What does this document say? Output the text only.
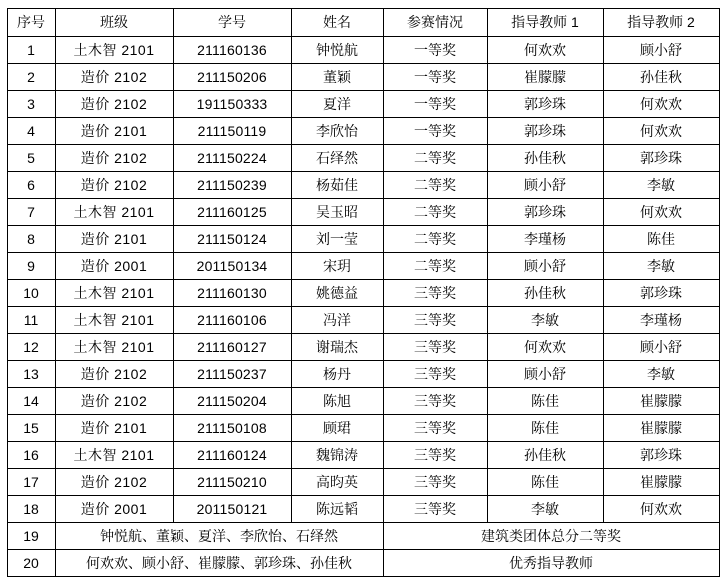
序号	班级	学号	姓名	参赛情况	指导教师 1	指导教师 2
1	土木智 2101	211160136	钟悦航	一等奖	何欢欢	顾小舒
2	造价 2102	211150206	董颖	一等奖	崔朦朦	孙佳秋
3	造价 2102	191150333	夏洋	一等奖	郭珍珠	何欢欢
4	造价 2101	211150119	李欣怡	一等奖	郭珍珠	何欢欢
5	造价 2102	211150224	石绎然	二等奖	孙佳秋	郭珍珠
6	造价 2102	211150239	杨茹佳	二等奖	顾小舒	李敏
7	土木智 2101	211160125	吴玉昭	二等奖	郭珍珠	何欢欢
8	造价 2101	211150124	刘一莹	二等奖	李瑾杨	陈佳
9	造价 2001	201150134	宋玥	二等奖	顾小舒	李敏
10	土木智 2101	211160130	姚德益	三等奖	孙佳秋	郭珍珠
11	土木智 2101	211160106	冯洋	三等奖	李敏	李瑾杨
12	土木智 2101	211160127	谢瑞杰	三等奖	何欢欢	顾小舒
13	造价 2102	211150237	杨丹	三等奖	顾小舒	李敏
14	造价 2102	211150204	陈旭	三等奖	陈佳	崔朦朦
15	造价 2101	211150108	顾珺	三等奖	陈佳	崔朦朦
16	土木智 2101	211160124	魏锦涛	三等奖	孙佳秋	郭珍珠
17	造价 2102	211150210	高昀英	三等奖	陈佳	崔朦朦
18	造价 2001	201150121	陈远韬	三等奖	李敏	何欢欢
19	钟悦航、董颖、夏洋、李欣怡、石绎然			建筑类团体总分二等奖		
20	何欢欢、顾小舒、崔朦朦、郭珍珠、孙佳秋			优秀指导教师		
